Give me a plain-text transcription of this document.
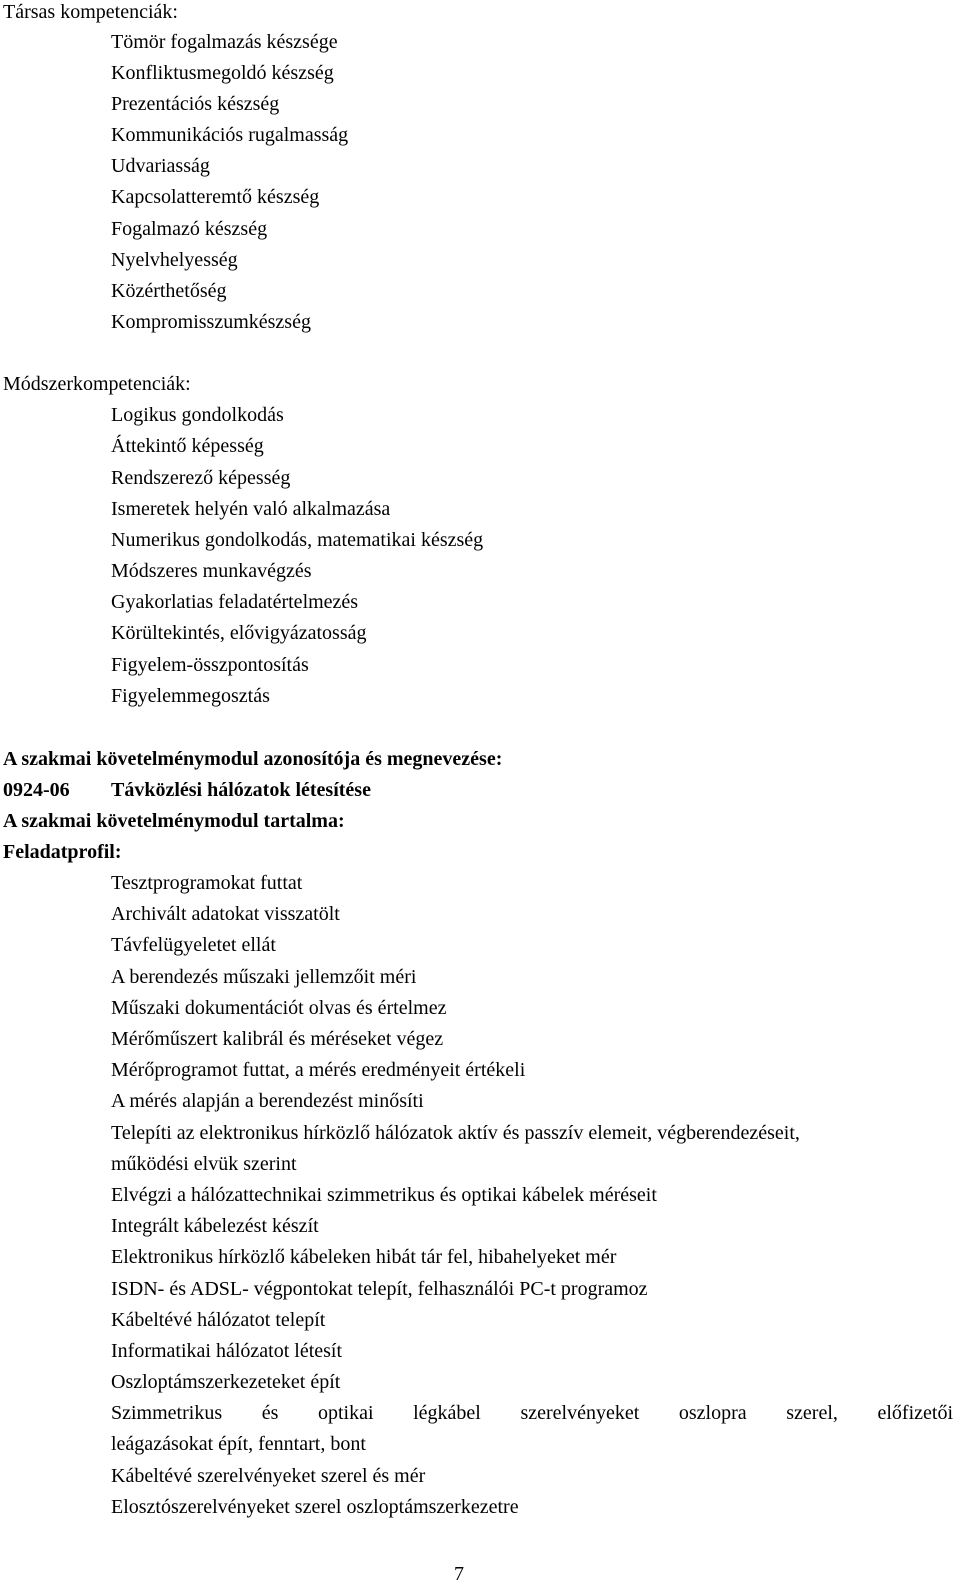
Társas kompetenciák:
Tömör fogalmazás készsége
Konfliktusmegoldó készség
Prezentációs készség
Kommunikációs rugalmasság
Udvariasság
Kapcsolatteremtő készség
Fogalmazó készség
Nyelvhelyesség
Közérthetőség
Kompromisszumkészség
Módszerkompetenciák:
Logikus gondolkodás
Áttekintő képesség
Rendszerező képesség
Ismeretek helyén való alkalmazása
Numerikus gondolkodás, matematikai készség
Módszeres munkavégzés
Gyakorlatias feladatértelmezés
Körültekintés, elővigyázatosság
Figyelem-összpontosítás
Figyelemmegosztás
A szakmai követelménymodul azonosítója és megnevezése:
0924-06 Távközlési hálózatok létesítése
A szakmai követelménymodul tartalma:
Feladatprofil:
Tesztprogramokat futtat
Archivált adatokat visszatölt
Távfelügyeletet ellát
A berendezés műszaki jellemzőit méri
Műszaki dokumentációt olvas és értelmez
Mérőműszert kalibrál és méréseket végez
Mérőprogramot futtat, a mérés eredményeit értékeli
A mérés alapján a berendezést minősíti
Telepíti az elektronikus hírközlő hálózatok aktív és passzív elemeit, végberendezéseit,
működési elvük szerint
Elvégzi a hálózattechnikai szimmetrikus és optikai kábelek méréseit
Integrált kábelezést készít
Elektronikus hírközlő kábeleken hibát tár fel, hibahelyeket mér
ISDN- és ADSL- végpontokat telepít, felhasználói PC-t programoz
Kábeltévé hálózatot telepít
Informatikai hálózatot létesít
Oszloptámszerkezeteket épít
Szimmetrikus és optikai légkábel szerelvényeket oszlopra szerel, előfizetői
leágazásokat épít, fenntart, bont
Kábeltévé szerelvényeket szerel és mér
Elosztószerelvényeket szerel oszloptámszerkezetre
7
